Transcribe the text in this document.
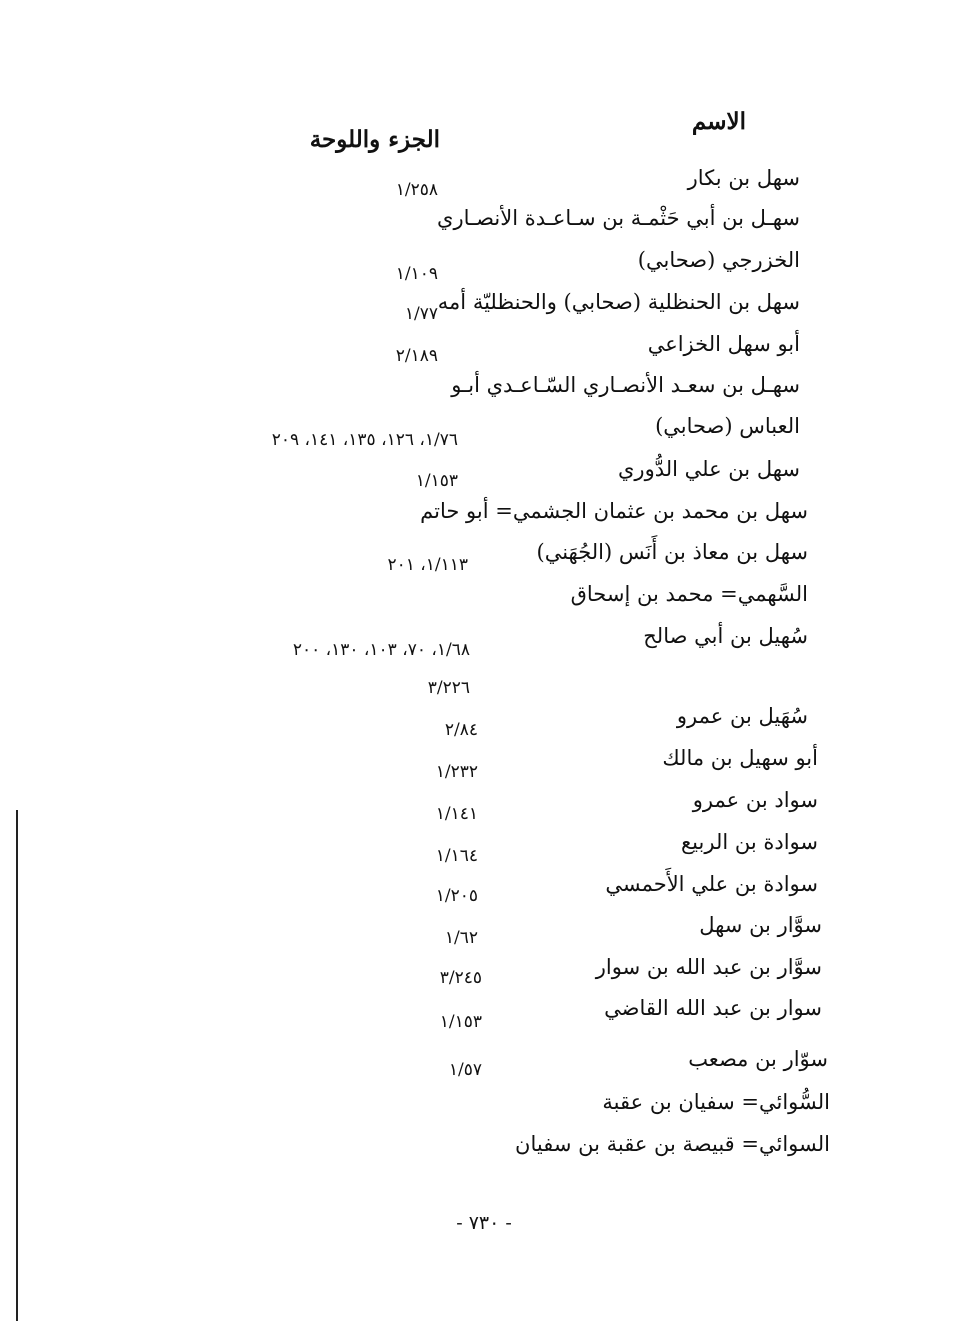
الاسم
الجزء واللوحة
سهل بن بكار
سهـل بن أبي حَثْمـة بن سـاعـدة الأنصـاري
الخزرجي (صحابي)
سهل بن الحنظلية (صحابي) والحنظليّة أمه
أبو سهل الخزاعي
سهـل بن سعـد الأنصـاري السّـاعـدي أبـو
العباس (صحابي)
سهل بن علي الدُّوري
سهل بن محمد بن عثمان الجشمي= أبو حاتم
سهل بن معاذ بن أَنَس (الجُهَني)
السَّهمي= محمد بن إسحاق
سُهيل بن أبي صالح
سُهَيل بن عمرو
أبو سهيل بن مالك
سواد بن عمرو
سوادة بن الربيع
سوادة بن علي الأَحمسي
سوَّار بن سهل
سوَّار بن عبد الله بن سوار
سوار بن عبد الله القاضي
سوّار بن مصعب
السُّوائي= سفيان بن عقبة
السوائي= قبيصة بن عقبة بن سفيان
١/٢٥٨
١/١٠٩
١/٧٧
٢/١٨٩
١/٧٦، ١٢٦، ١٣٥، ١٤١، ٢٠٩
١/١٥٣
١/١١٣، ٢٠١
١/٦٨، ٧٠، ١٠٣، ١٣٠، ٢٠٠
٣/٢٢٦
٢/٨٤
١/٢٣٢
١/١٤١
١/١٦٤
١/٢٠٥
١/٦٢
٣/٢٤٥
١/١٥٣
١/٥٧
- ٧٣٠ -
